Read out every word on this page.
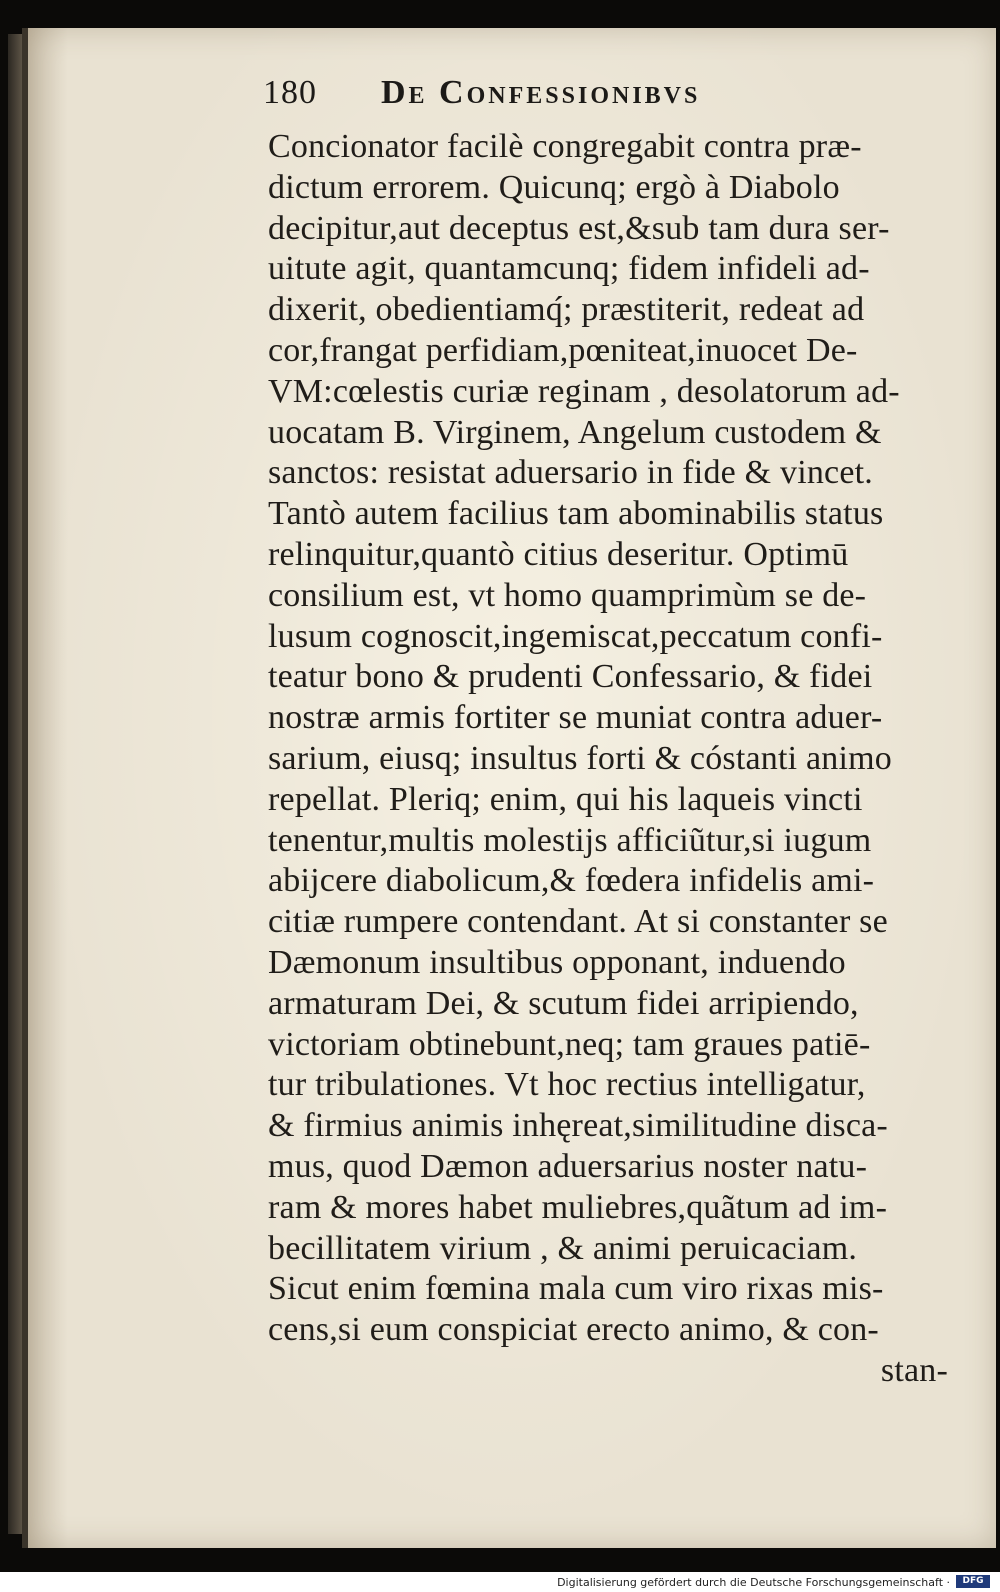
180 De Confessionibvs
Concionator facilè congregabit contra præ-
dictum errorem. Quicunq; ergò à Diabolo
decipitur,aut deceptus est,&sub tam dura ser-
uitute agit, quantamcunq; fidem infideli ad-
dixerit, obedientiamq́; præstiterit, redeat ad
cor,frangat perfidiam,pœniteat,inuocet De-
VM:cœlestis curiæ reginam , desolatorum ad-
uocatam B. Virginem, Angelum custodem &
sanctos: resistat aduersario in fide & vincet.
Tantò autem facilius tam abominabilis status
relinquitur,quantò citius deseritur. Optimū
consilium est, vt homo quamprimùm se de-
lusum cognoscit,ingemiscat,peccatum confi-
teatur bono & prudenti Confessario, & fidei
nostræ armis fortiter se muniat contra aduer-
sarium, eiusq; insultus forti & cóstanti animo
repellat. Pleriq; enim, qui his laqueis vincti
tenentur,multis molestijs afficiũtur,si iugum
abijcere diabolicum,& fœdera infidelis ami-
citiæ rumpere contendant. At si constanter se
Dæmonum insultibus opponant, induendo
armaturam Dei, & scutum fidei arripiendo,
victoriam obtinebunt,neq; tam graues patiē-
tur tribulationes. Vt hoc rectius intelligatur,
& firmius animis inhęreat,similitudine disca-
mus, quod Dæmon aduersarius noster natu-
ram & mores habet muliebres,quãtum ad im-
becillitatem virium , & animi peruicaciam.
Sicut enim fœmina mala cum viro rixas mis-
cens,si eum conspiciat erecto animo, & con-
stan-
Digitalisierung gefördert durch die Deutsche Forschungsgemeinschaft ·	DFG
